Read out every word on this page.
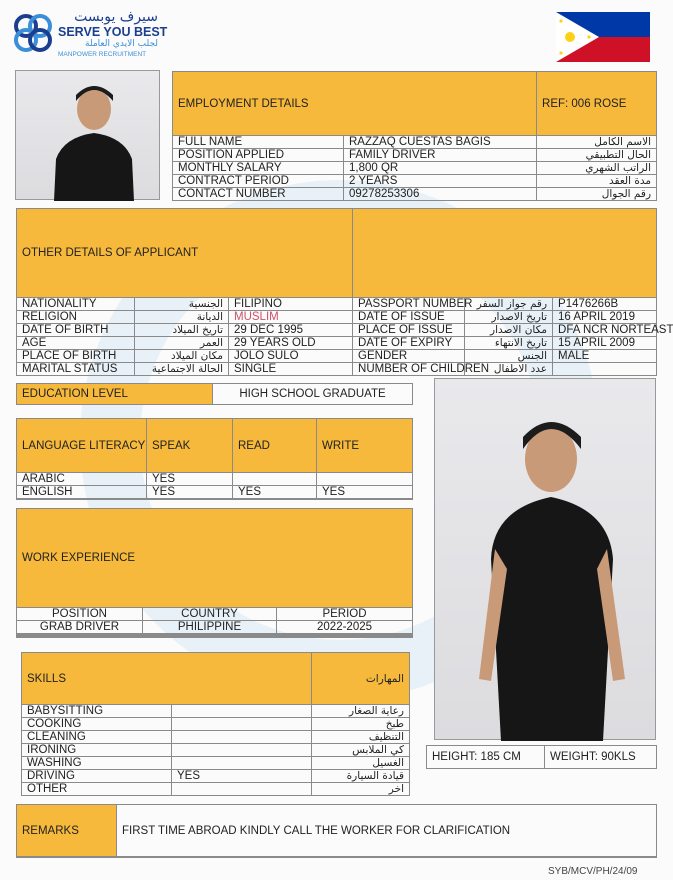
سيرف يوبست
SERVE YOU BEST
لجلب الايدي العاملة
MANPOWER RECRUITMENT
EMPLOYMENT DETAILS		REF: 006 ROSE
FULL NAME	RAZZAQ CUESTAS BAGIS	الاسم الكامل
POSITION APPLIED	FAMILY DRIVER	الحال التطبيقي
MONTHLY SALARY	1,800 QR	الراتب الشهري
CONTRACT PERIOD	2 YEARS	مدة العقد
CONTACT NUMBER	09278253306	رقم الجوال
OTHER DETAILS OF APPLICANT					
NATIONALITY	الجنسية	FILIPINO	PASSPORT NUMBER	رقم جواز السفر	P1476266B
RELIGION	الديانة	MUSLIM	DATE OF ISSUE	تاريخ الاصدار	16 APRIL 2019
DATE OF BIRTH	تاريخ الميلاد	29 DEC 1995	PLACE OF ISSUE	مكان الاصدار	DFA NCR NORTEAST
AGE	العمر	29 YEARS OLD	DATE OF EXPIRY	تاريخ الانتهاء	15 APRIL 2009
PLACE OF BIRTH	مكان الميلاد	JOLO SULO	GENDER	الجنس	MALE
MARITAL STATUS	الحالة الاجتماعية	SINGLE	NUMBER OF CHILDREN	عدد الاطفال	
EDUCATION LEVEL	HIGH SCHOOL GRADUATE
LANGUAGE LITERACY	SPEAK	READ	WRITE
ARABIC	YES		
ENGLISH	YES	YES	YES

WORK EXPERIENCE		
POSITION	COUNTRY	PERIOD
GRAB DRIVER	PHILIPPINE	2022-2025

SKILLS		المهارات
BABYSITTING		رعاية الصغار
COOKING		طبخ
CLEANING		التنظيف
IRONING		كي الملابس
WASHING		الغسيل
DRIVING	YES	قيادة السيارة
OTHER		اخر
HEIGHT: 185 CM	WEIGHT: 90KLS
REMARKS	FIRST TIME ABROAD KINDLY CALL THE WORKER FOR CLARIFICATION

SYB/MCV/PH/24/09
